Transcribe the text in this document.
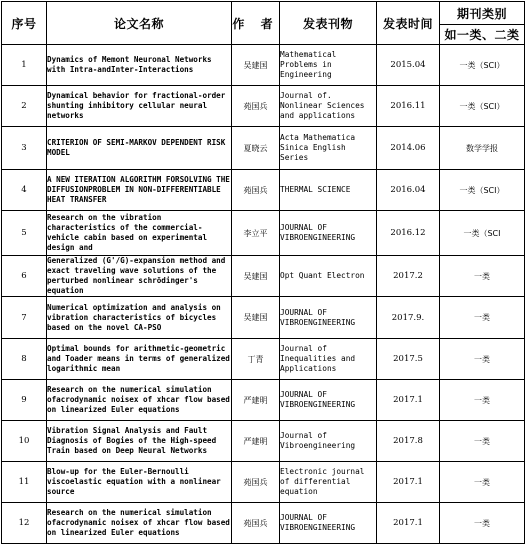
序号	论文名称	作 者	发表刊物	发表时间	期刊类别
					如一类、二类
1	Dynamics of Memont Neuronal Networks with Intra-andInter-Interactions	吴建国	Mathematical Problems in Engineering	2015.04	一类（SCI）
2	Dynamical behavior for fractional-order shunting inhibitory cellular neural networks	苑国兵	Journal of. Nonlinear Sciences and applications	2016.11	一类（SCI）
3	CRITERION OF SEMI-MARKOV DEPENDENT RISK MODEL	夏晓云	Acta Mathematica Sinica English Series	2014.06	数学学报
4	A NEW ITERATION ALGORITHM FORSOLVING THE DIFFUSIONPROBLEM IN NON-DIFFERENTIABLE HEAT TRANSFER	苑国兵	THERMAL SCIENCE	2016.04	一类（SCI）
5	Research on the vibration characteristics of the commercial-vehicle cabin based on experimental design and	李立平	JOURNAL OF VIBROENGINEERING	2016.12	一类（SCI
6	Generalized (G'/G)-expansion method and exact traveling wave solutions of the perturbed nonlinear schrödinger's equation	吴建国	Opt Quant Electron	2017.2	一类
7	Numerical optimization and analysis on vibration characteristics of bicycles based on the novel CA-PSO	吴建国	JOURNAL OF VIBROENGINEERING	2017.9.	一类
8	Optimal bounds for arithmetic-geometric and Toader means in terms of generalized logarithmic mean	丁青	Journal of Inequalities and Applications	2017.5	一类
9	Research on the numerical simulation ofacrodynamic noisex of xhcar flow based on linearized Euler equations	严建明	JOURNAL OF VIBROENGINEERING	2017.1	一类
10	Vibration Signal Analysis and Fault Diagnosis of Bogies of the High-speed Train based on Deep Neural Networks	严建明	Journal of Vibroengineering	2017.8	一类
11	Blow-up for the Euler-Bernoulli viscoelastic equation with a nonlinear source	苑国兵	Electronic journal of differential equation	2017.1	一类
12	Research on the numerical simulation ofacrodynamic noisex of xhcar flow based on linearized Euler equations	苑国兵	JOURNAL OF VIBROENGINEERING	2017.1	一类
